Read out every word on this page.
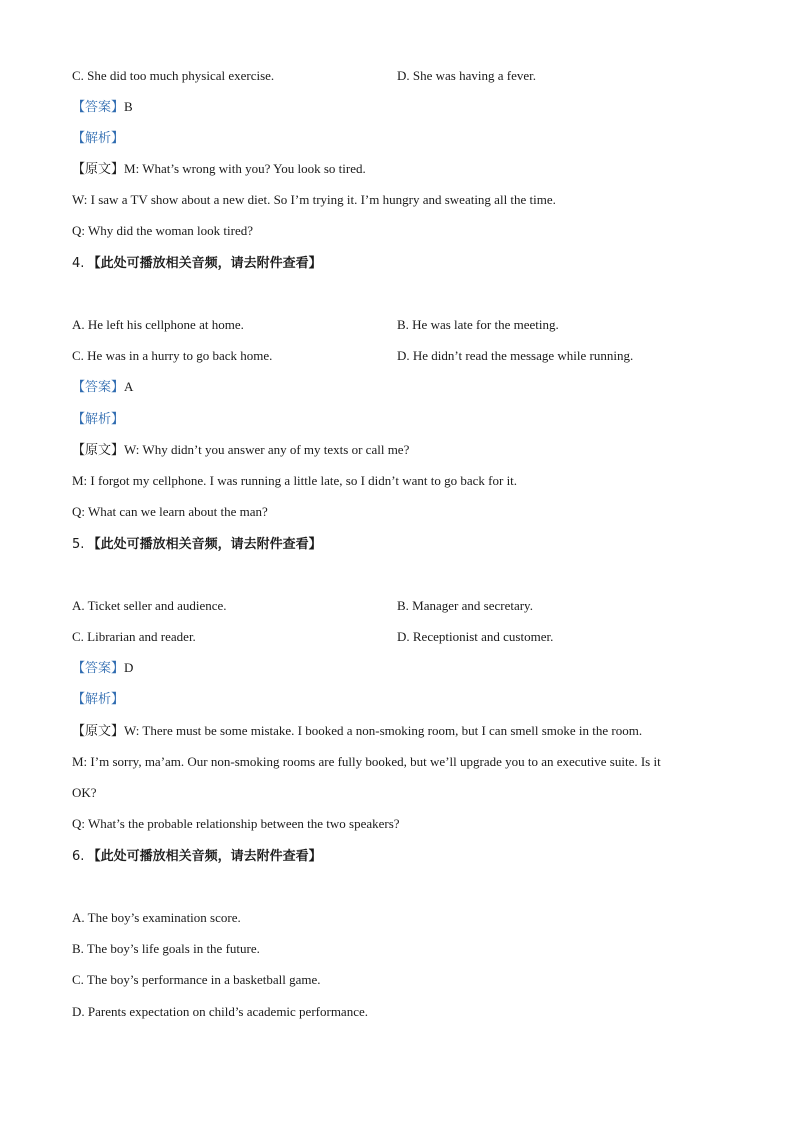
C. She did too much physical exercise.	D. She was having a fever.
【答案】B
【解析】
【原文】M: What’s wrong with you? You look so tired.
W: I saw a TV show about a new diet. So I’m trying it. I’m hungry and sweating all the time.
Q: Why did the woman look tired?
4. 【此处可播放相关音频，请去附件查看】
A. He left his cellphone at home.	B. He was late for the meeting.
C. He was in a hurry to go back home.	D. He didn’t read the message while running.
【答案】A
【解析】
【原文】W: Why didn’t you answer any of my texts or call me?
M: I forgot my cellphone. I was running a little late, so I didn’t want to go back for it.
Q: What can we learn about the man?
5. 【此处可播放相关音频，请去附件查看】
A. Ticket seller and audience.	B. Manager and secretary.
C. Librarian and reader.	D. Receptionist and customer.
【答案】D
【解析】
【原文】W: There must be some mistake. I booked a non-smoking room, but I can smell smoke in the room.
M: I’m sorry, ma’am. Our non-smoking rooms are fully booked, but we’ll upgrade you to an executive suite. Is it
OK?
Q: What’s the probable relationship between the two speakers?
6. 【此处可播放相关音频，请去附件查看】
A. The boy’s examination score.
B. The boy’s life goals in the future.
C. The boy’s performance in a basketball game.
D. Parents expectation on child’s academic performance.
